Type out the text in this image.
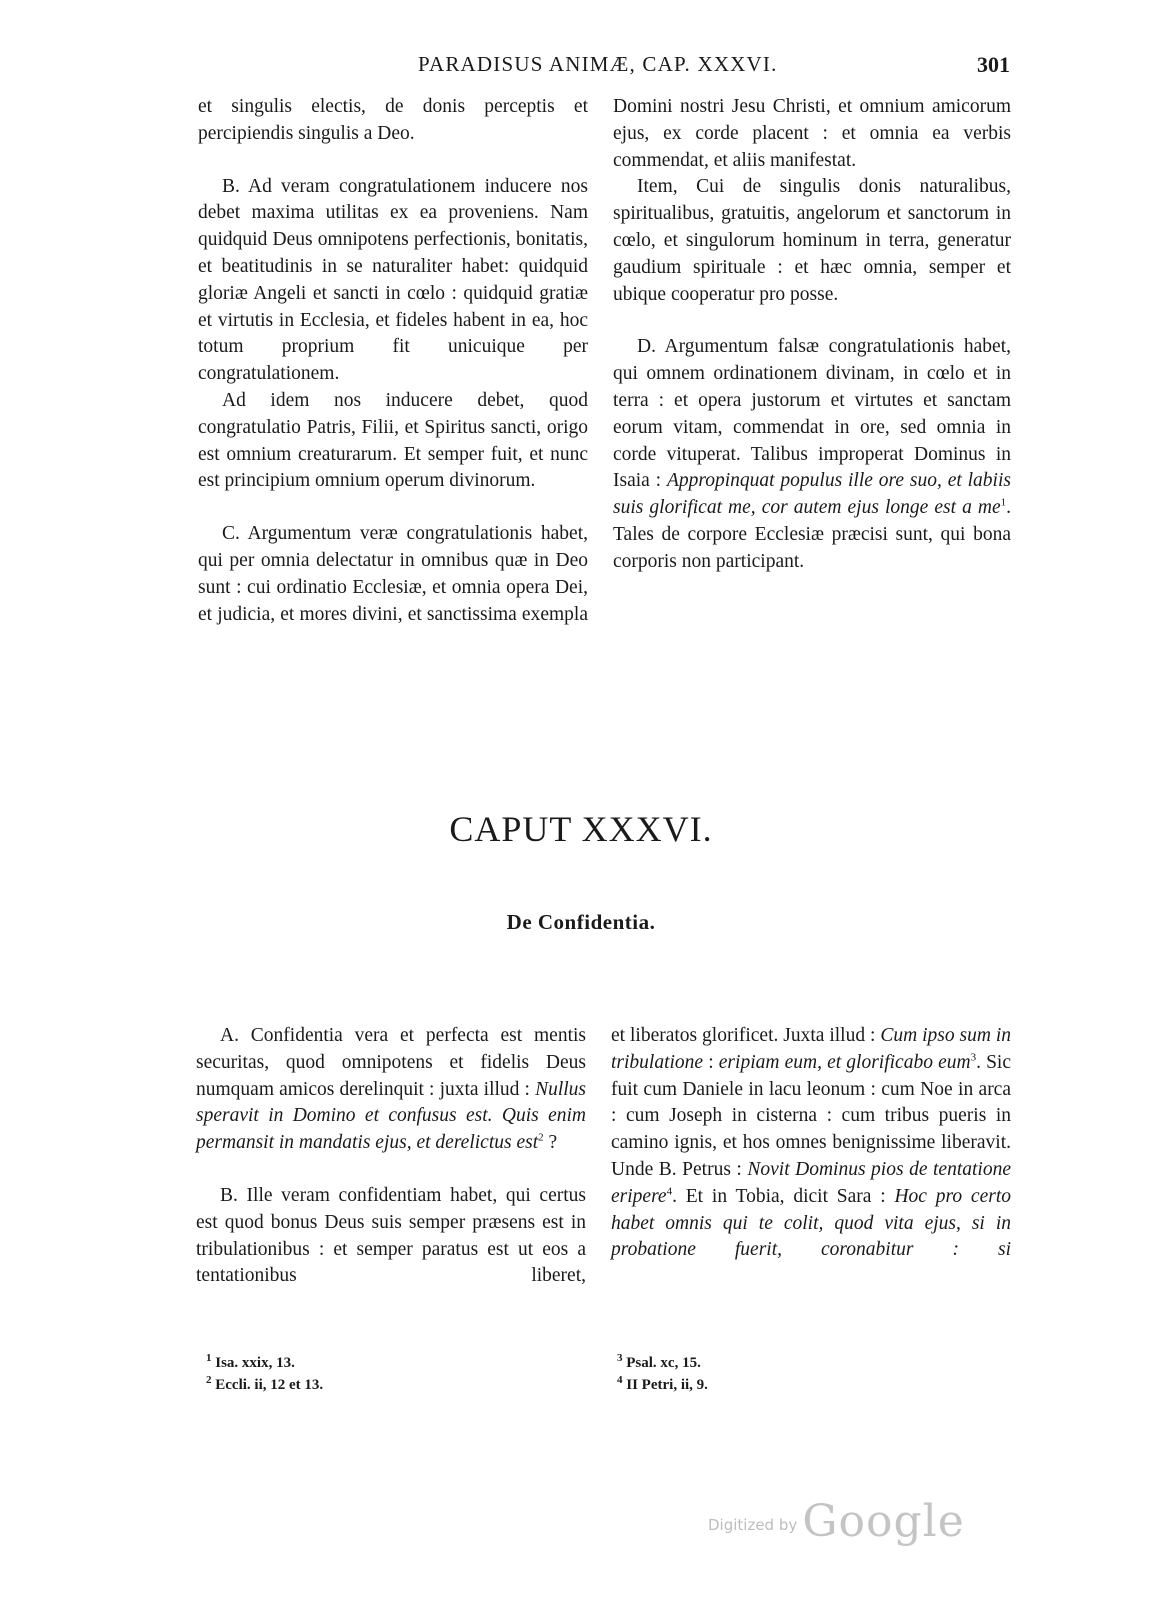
PARADISUS ANIMÆ, CAP. XXXVI.	301

et singulis electis, de donis perceptis et percipiendis singulis a Deo.

B. Ad veram congratulationem inducere nos debet maxima utilitas ex ea proveniens. Nam quidquid Deus omnipotens perfectionis, bonitatis, et beatitudinis in se naturaliter habet: quidquid gloriæ Angeli et sancti in cœlo : quidquid gratiæ et virtutis in Ecclesia, et fideles habent in ea, hoc totum proprium fit unicuique per congratulationem.

Ad idem nos inducere debet, quod congratulatio Patris, Filii, et Spiritus sancti, origo est omnium creaturarum. Et semper fuit, et nunc est principium omnium operum divinorum.

C. Argumentum veræ congratulationis habet, qui per omnia delectatur in omnibus quæ in Deo sunt : cui ordinatio Ecclesiæ, et omnia opera Dei, et judicia, et mores divini, et sanctissima exempla

Domini nostri Jesu Christi, et omnium amicorum ejus, ex corde placent : et omnia ea verbis commendat, et aliis manifestat.

Item, Cui de singulis donis naturalibus, spiritualibus, gratuitis, angelorum et sanctorum in cœlo, et singulorum hominum in terra, generatur gaudium spirituale : et hæc omnia, semper et ubique cooperatur pro posse.

D. Argumentum falsæ congratulationis habet, qui omnem ordinationem divinam, in cœlo et in terra : et opera justorum et virtutes et sanctam eorum vitam, commendat in ore, sed omnia in corde vituperat. Talibus improperat Dominus in Isaia : Appropinquat populus ille ore suo, et labiis suis glorificat me, cor autem ejus longe est a $me^1$. Tales de corpore Ecclesiæ præcisi sunt, qui bona corporis non participant.

CAPUT XXXVI.
De Confidentia.

A. Confidentia vera et perfecta est mentis securitas, quod omnipotens et fidelis Deus numquam amicos derelinquit : juxta illud : Nullus speravit in Domino et confusus est. Quis enim permansit in mandatis ejus, et derelictus est$^2$ ?

B. Ille veram confidentiam habet, qui certus est quod bonus Deus suis semper præsens est in tribulationibus : et semper paratus est ut eos a tentationibus liberet,

et liberatos glorificet. Juxta illud : Cum ipso sum in tribulatione : eripiam eum, et glorificabo eum$^3$. Sic fuit cum Daniele in lacu leonum : cum Noe in arca : cum Joseph in cisterna : cum tribus pueris in camino ignis, et hos omnes benignissime liberavit. Unde B. Petrus : Novit Dominus pios de tentatione eripere$^4$. Et in Tobia, dicit Sara : Hoc pro certo habet omnis qui te colit, quod vita ejus, si in probatione fuerit, coronabitur : si

$^1$ Isa. xxix, 13.
$^2$ Eccli. ii, 12 et 13.
$^3$ Psal. xc, 15.
$^4$ II Petri, ii, 9.
Digitized by Google
